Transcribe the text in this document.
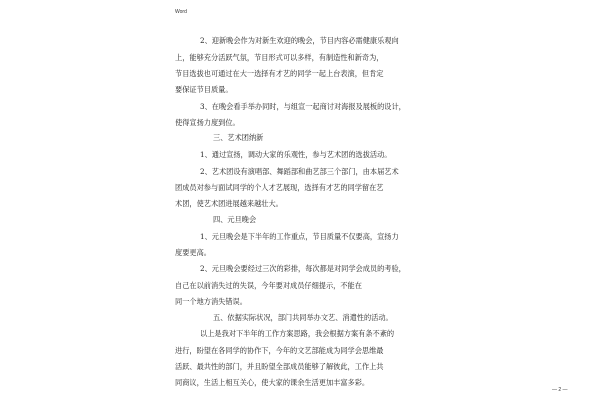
Word
2、迎新晚会作为对新生欢迎的晚会，节目内容必需健康乐观向
上，能够充分活跃气氛，节目形式可以多样，有制造性和新奇为，
节目选拔也可通过在大一选择有才艺的同学一起上台表演，但肯定
要保证节目质量。
3、在晚会看手举办同时，与组宣一起商讨对海报及展板的设计，
使得宣扬力度到位。
三、艺术团纳新
1、通过宣扬，调动大家的乐观性，参与艺术团的选拔活动。
2、艺术团设有演唱部、舞蹈部和曲艺部三个部门，由本届艺术
团成员对参与面试同学的个人才艺展现，选择有才艺的同学留在艺
术团，使艺术团进展越来越壮大。
四、元旦晚会
1、元旦晚会是下半年的工作重点，节目质量不仅要高，宣扬力
度要更高。
2、元旦晚会要经过三次的彩排，每次都是对同学会成员的考验，
自己在以前消失过的失误，今年要对成员仔细提示，不能在
同一个地方消失错误。
五、依据实际状况，部门共同举办文艺、消遣性的活动。
以上是我对下半年的工作方案思路，我会根据方案有条不紊的
进行，盼望在各同学的协作下，今年的文艺部能成为同学会思维最
活跃、最共性的部门，并且盼望全部成员能够了解彼此，工作上共
同商议，生活上相互关心，使大家的课余生活更加丰富多彩。
— 2 —
